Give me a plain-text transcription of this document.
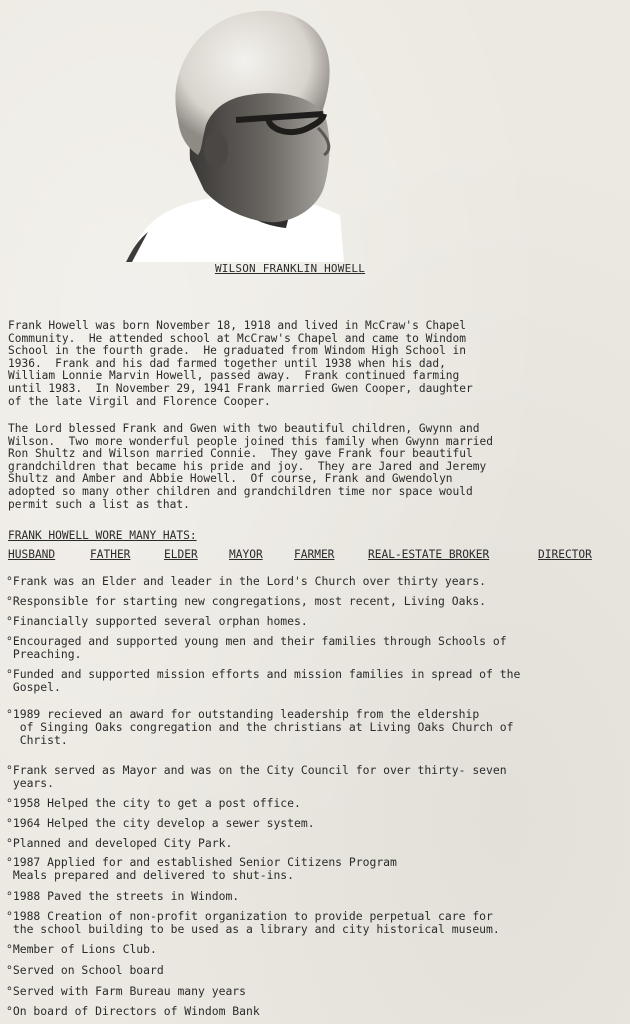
WILSON FRANKLIN HOWELL
Frank Howell was born November 18, 1918 and lived in McCraw's Chapel
Community.  He attended school at McCraw's Chapel and came to Windom
School in the fourth grade.  He graduated from Windom High School in
1936.  Frank and his dad farmed together until 1938 when his dad,
William Lonnie Marvin Howell, passed away.  Frank continued farming
until 1983.  In November 29, 1941 Frank married Gwen Cooper, daughter
of the late Virgil and Florence Cooper.
The Lord blessed Frank and Gwen with two beautiful children, Gwynn and
Wilson.  Two more wonderful people joined this family when Gwynn married
Ron Shultz and Wilson married Connie.  They gave Frank four beautiful
grandchildren that became his pride and joy.  They are Jared and Jeremy
Shultz and Amber and Abbie Howell.  Of course, Frank and Gwendolyn
adopted so many other children and grandchildren time nor space would
permit such a list as that.
FRANK HOWELL WORE MANY HATS:
HUSBAND	FATHER	ELDER	MAYOR	FARMER	REAL-ESTATE BROKER	DIRECTOR
°Frank was an Elder and leader in the Lord's Church over thirty years.
°Responsible for starting new congregations, most recent, Living Oaks.
°Financially supported several orphan homes.
°Encouraged and supported young men and their families through Schools of
Preaching.
°Funded and supported mission efforts and mission families in spread of the
Gospel.
°1989 recieved an award for outstanding leadership from the eldership
of Singing Oaks congregation and the christians at Living Oaks Church of
Christ.
°Frank served as Mayor and was on the City Council for over thirty- seven
years.
°1958 Helped the city to get a post office.
°1964 Helped the city develop a sewer system.
°Planned and developed City Park.
°1987 Applied for and established Senior Citizens Program
Meals prepared and delivered to shut-ins.
°1988 Paved the streets in Windom.
°1988 Creation of non-profit organization to provide perpetual care for
the school building to be used as a library and city historical museum.
°Member of Lions Club.
°Served on School board
°Served with Farm Bureau many years
°On board of Directors of Windom Bank
